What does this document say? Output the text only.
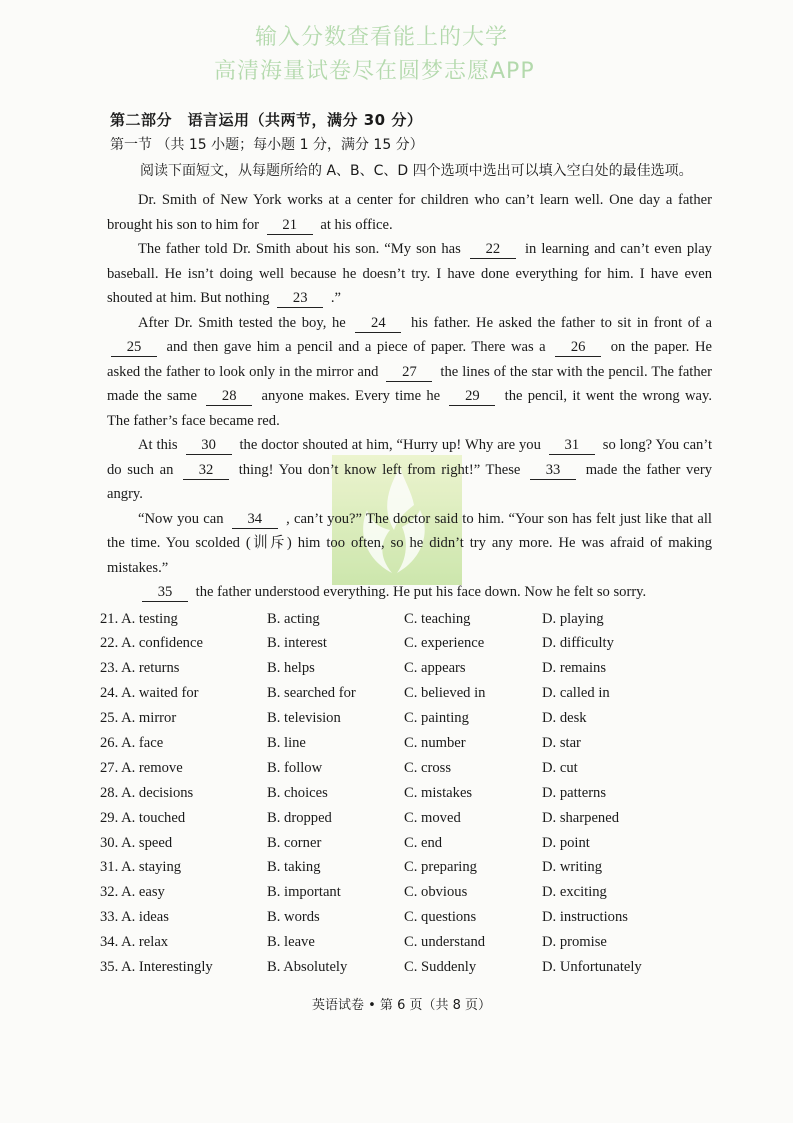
输入分数查看能上的大学
高清海量试卷尽在圆梦志愿APP
第二部分　语言运用（共两节，满分 30 分）
第一节 （共 15 小题；每小题 1 分，满分 15 分）
阅读下面短文，从每题所给的 A、B、C、D 四个选项中选出可以填入空白处的最佳选项。

Dr. Smith of New York works at a center for children who can’t learn well. One day a father brought his son to him for 21 at his office.

The father told Dr. Smith about his son. “My son has 22 in learning and can’t even play baseball. He isn’t doing well because he doesn’t try. I have done everything for him. I have even shouted at him. But nothing 23 .”

After Dr. Smith tested the boy, he 24 his father. He asked the father to sit in front of a 25 and then gave him a pencil and a piece of paper. There was a 26 on the paper. He asked the father to look only in the mirror and 27 the lines of the star with the pencil. The father made the same 28 anyone makes. Every time he 29 the pencil, it went the wrong way. The father’s face became red.

At this 30 the doctor shouted at him, “Hurry up! Why are you 31 so long? You can’t do such an 32 thing! You don’t know left from right!” These 33 made the father very angry.

“Now you can 34 , can’t you?” The doctor said to him. “Your son has felt just like that all the time. You scolded (训斥) him too often, so he didn’t try any more. He was afraid of making mistakes.”

35 the father understood everything. He put his face down. Now he felt so sorry.

21. A. testing	B. acting	C. teaching	D. playing
22. A. confidence	B. interest	C. experience	D. difficulty
23. A. returns	B. helps	C. appears	D. remains
24. A. waited for	B. searched for	C. believed in	D. called in
25. A. mirror	B. television	C. painting	D. desk
26. A. face	B. line	C. number	D. star
27. A. remove	B. follow	C. cross	D. cut
28. A. decisions	B. choices	C. mistakes	D. patterns
29. A. touched	B. dropped	C. moved	D. sharpened
30. A. speed	B. corner	C. end	D. point
31. A. staying	B. taking	C. preparing	D. writing
32. A. easy	B. important	C. obvious	D. exciting
33. A. ideas	B. words	C. questions	D. instructions
34. A. relax	B. leave	C. understand	D. promise
35. A. Interestingly	B. Absolutely	C. Suddenly	D. Unfortunately
英语试卷 • 第 6 页（共 8 页）
